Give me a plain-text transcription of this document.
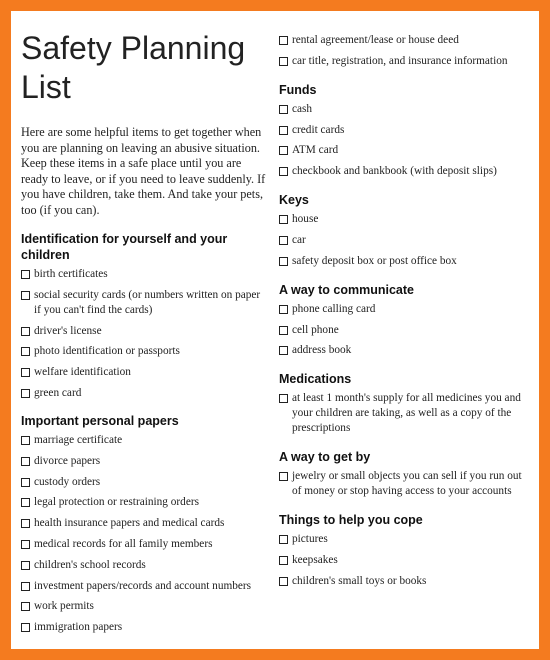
Safety Planning List

Here are some helpful items to get together when you are planning on leaving an abusive situation. Keep these items in a safe place until you are ready to leave, or if you need to leave suddenly. If you have children, take them. And take your pets, too (if you can).

Identification for yourself and your children
birth certificates
social security cards (or numbers written on paper if you can't find the cards)
driver's license
photo identification or passports
welfare identification
green card
Important personal papers
marriage certificate
divorce papers
custody orders
legal protection or restraining orders
health insurance papers and medical cards
medical records for all family members
children's school records
investment papers/records and account numbers
work permits
immigration papers
rental agreement/lease or house deed
car title, registration, and insurance information
Funds
cash
credit cards
ATM card
checkbook and bankbook (with deposit slips)
Keys
house
car
safety deposit box or post office box
A way to communicate
phone calling card
cell phone
address book
Medications
at least 1 month's supply for all medicines you and your children are taking, as well as a copy of the prescriptions
A way to get by
jewelry or small objects you can sell if you run out of money or stop having access to your accounts
Things to help you cope
pictures
keepsakes
children's small toys or books
